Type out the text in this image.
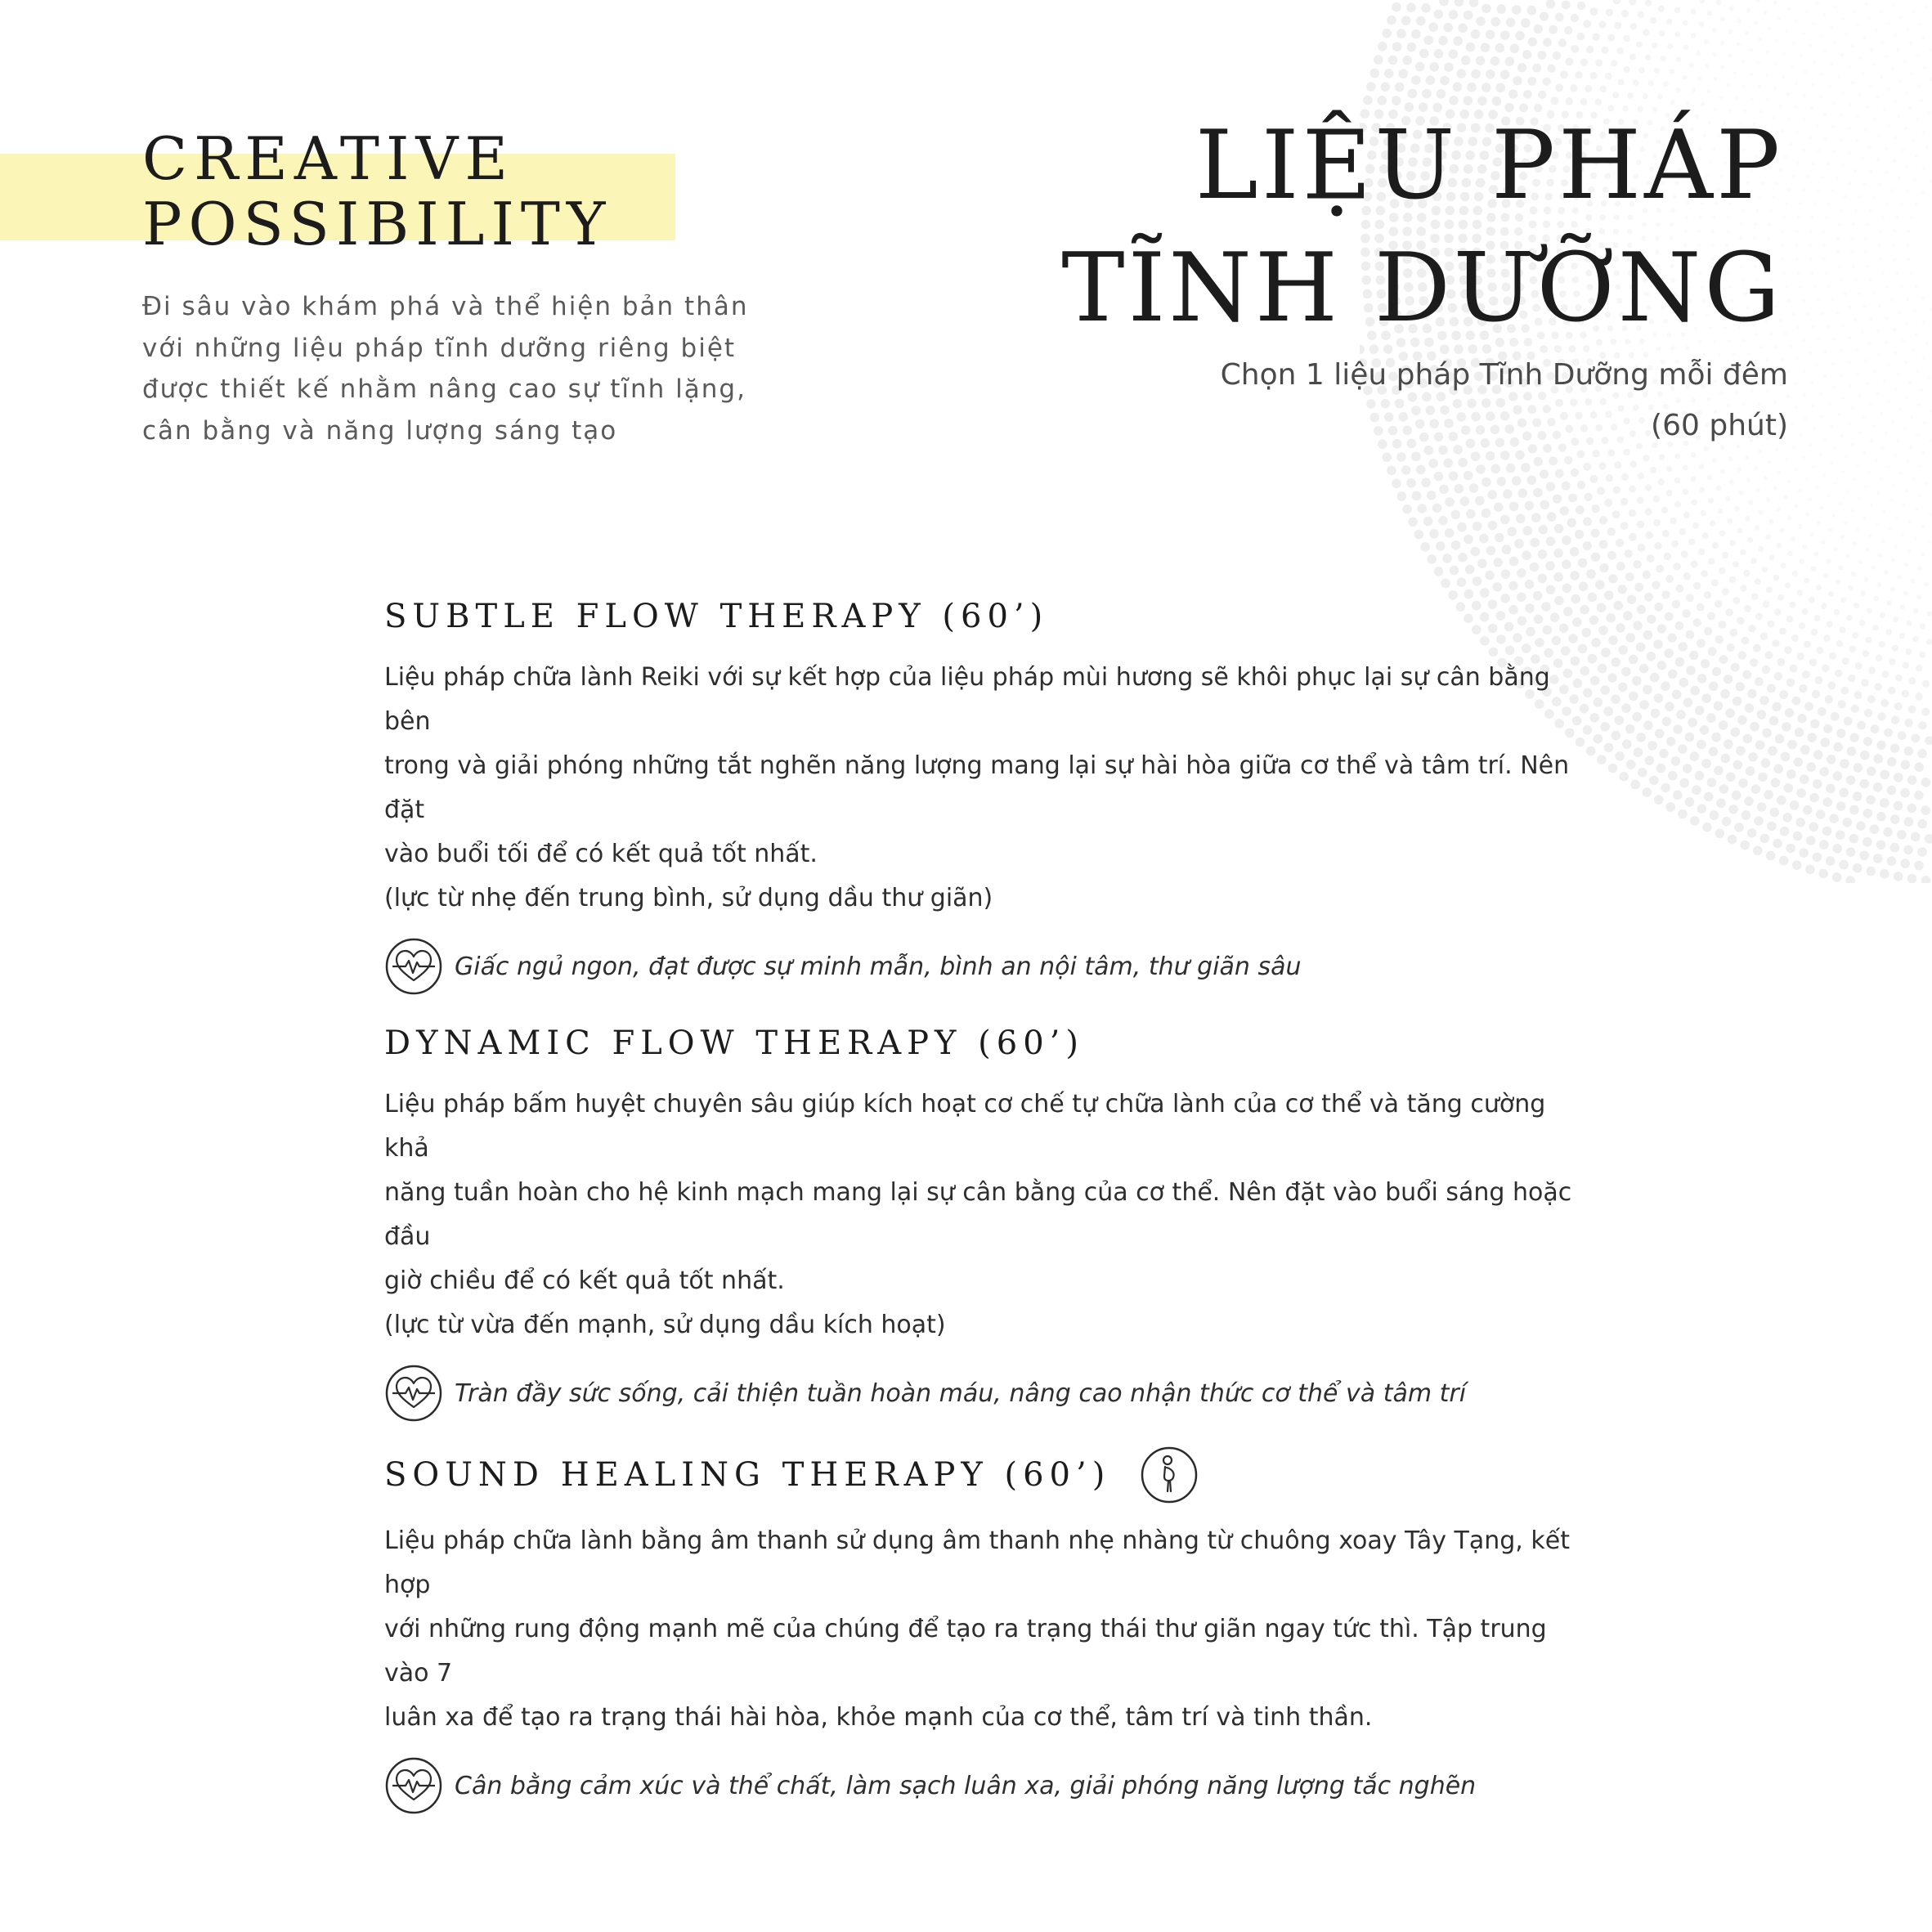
CREATIVE
POSSIBILITY

Đi sâu vào khám phá và thể hiện bản thân với những liệu pháp tĩnh dưỡng riêng biệt được thiết kế nhằm nâng cao sự tĩnh lặng, cân bằng và năng lượng sáng tạo

LIỆU PHÁP
TĨNH DƯỠNG

Chọn 1 liệu pháp Tĩnh Dưỡng mỗi đêm
(60 phút)

SUBTLE FLOW THERAPY (60’)

Liệu pháp chữa lành Reiki với sự kết hợp của liệu pháp mùi hương sẽ khôi phục lại sự cân bằng bên
trong và giải phóng những tắt nghẽn năng lượng mang lại sự hài hòa giữa cơ thể và tâm trí. Nên đặt
vào buổi tối để có kết quả tốt nhất.
(lực từ nhẹ đến trung bình, sử dụng dầu thư giãn)

Giấc ngủ ngon, đạt được sự minh mẫn, bình an nội tâm, thư giãn sâu
DYNAMIC FLOW THERAPY (60’)

Liệu pháp bấm huyệt chuyên sâu giúp kích hoạt cơ chế tự chữa lành của cơ thể và tăng cường khả
năng tuần hoàn cho hệ kinh mạch mang lại sự cân bằng của cơ thể. Nên đặt vào buổi sáng hoặc đầu
giờ chiều để có kết quả tốt nhất.
(lực từ vừa đến mạnh, sử dụng dầu kích hoạt)

Tràn đầy sức sống, cải thiện tuần hoàn máu, nâng cao nhận thức cơ thể và tâm trí
SOUND HEALING THERAPY (60’)

Liệu pháp chữa lành bằng âm thanh sử dụng âm thanh nhẹ nhàng từ chuông xoay Tây Tạng, kết hợp
với những rung động mạnh mẽ của chúng để tạo ra trạng thái thư giãn ngay tức thì. Tập trung vào 7
luân xa để tạo ra trạng thái hài hòa, khỏe mạnh của cơ thể, tâm trí và tinh thần.

Cân bằng cảm xúc và thể chất, làm sạch luân xa, giải phóng năng lượng tắc nghẽn
